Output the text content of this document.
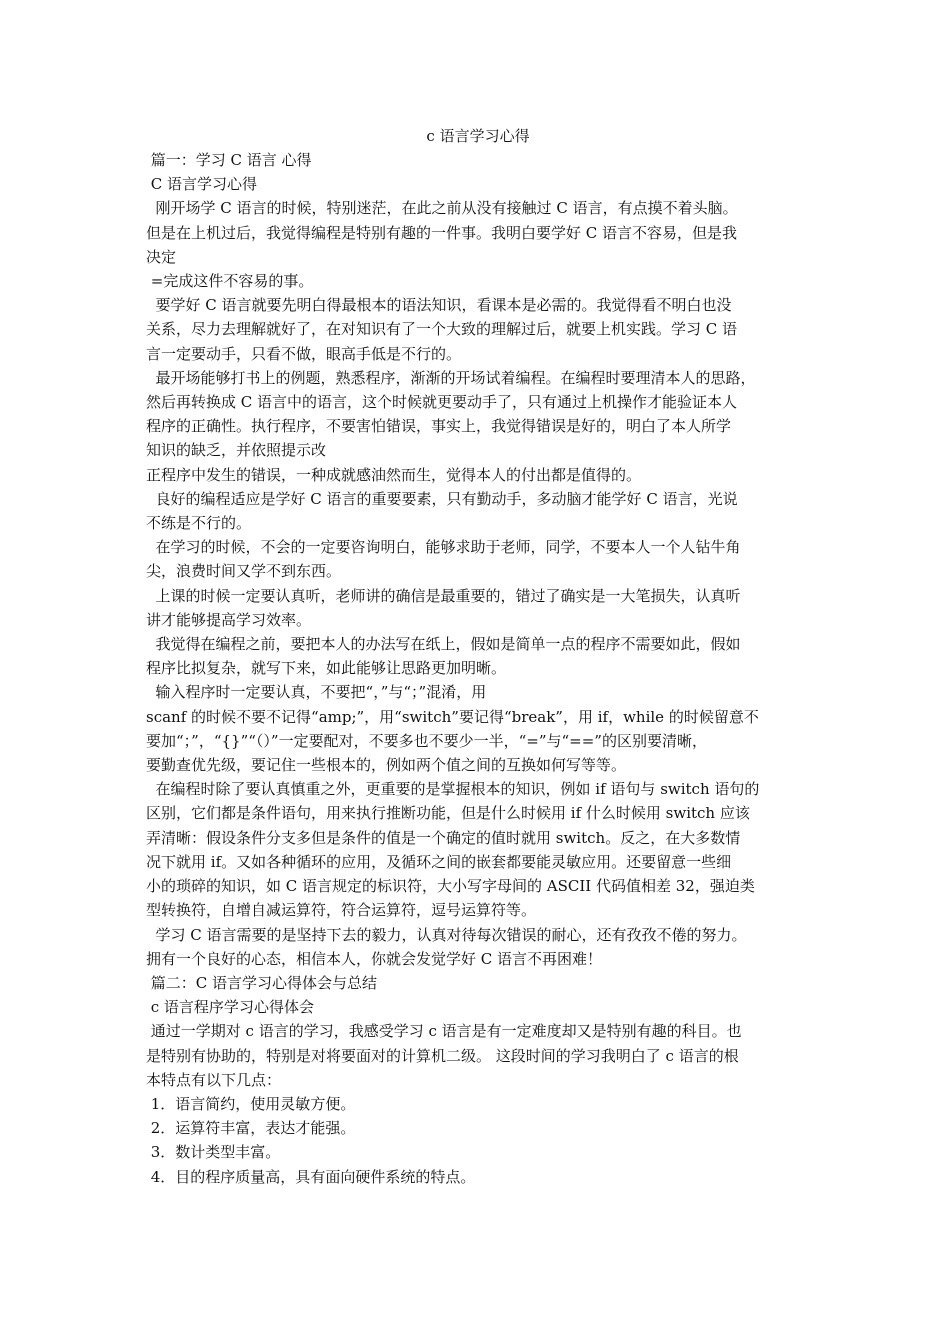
c 语言学习心得

篇一：学习 C 语言 心得

C 语言学习心得

刚开场学 C 语言的时候，特别迷茫，在此之前从没有接触过 C 语言，有点摸不着头脑。

但是在上机过后，我觉得编程是特别有趣的一件事。我明白要学好 C 语言不容易，但是我

决定

=完成这件不容易的事。

要学好 C 语言就要先明白得最根本的语法知识，看课本是必需的。我觉得看不明白也没

关系，尽力去理解就好了，在对知识有了一个大致的理解过后，就要上机实践。学习 C 语

言一定要动手，只看不做，眼高手低是不行的。

最开场能够打书上的例题，熟悉程序，渐渐的开场试着编程。在编程时要理清本人的思路，

然后再转换成 C 语言中的语言，这个时候就更要动手了，只有通过上机操作才能验证本人

程序的正确性。执行程序，不要害怕错误，事实上，我觉得错误是好的，明白了本人所学

知识的缺乏，并依照提示改

正程序中发生的错误，一种成就感油然而生，觉得本人的付出都是值得的。

良好的编程适应是学好 C 语言的重要要素，只有勤动手，多动脑才能学好 C 语言，光说

不练是不行的。

在学习的时候，不会的一定要咨询明白，能够求助于老师，同学，不要本人一个人钻牛角

尖，浪费时间又学不到东西。

上课的时候一定要认真听，老师讲的确信是最重要的，错过了确实是一大笔损失，认真听

讲才能够提高学习效率。

我觉得在编程之前，要把本人的办法写在纸上，假如是简单一点的程序不需要如此，假如

程序比拟复杂，就写下来，如此能够让思路更加明晰。

输入程序时一定要认真，不要把“，”与“；”混淆，用

scanf 的时候不要不记得“amp;”，用“switch”要记得“break”，用 if，while 的时候留意不

要加“；”，“{}”“（）”一定要配对，不要多也不要少一半，“=”与“==”的区别要清晰，

要勤查优先级，要记住一些根本的，例如两个值之间的互换如何写等等。

在编程时除了要认真慎重之外，更重要的是掌握根本的知识，例如 if 语句与 switch 语句的

区别，它们都是条件语句，用来执行推断功能，但是什么时候用 if 什么时候用 switch 应该

弄清晰：假设条件分支多但是条件的值是一个确定的值时就用 switch。反之，在大多数情

况下就用 if。又如各种循环的应用，及循环之间的嵌套都要能灵敏应用。还要留意一些细

小的琐碎的知识，如 C 语言规定的标识符，大小写字母间的 ASCII 代码值相差 32，强迫类

型转换符，自增自减运算符，符合运算符，逗号运算符等。

学习 C 语言需要的是坚持下去的毅力，认真对待每次错误的耐心，还有孜孜不倦的努力。

拥有一个良好的心态，相信本人，你就会发觉学好 C 语言不再困难！

篇二：C 语言学习心得体会与总结

c 语言程序学习心得体会

通过一学期对 c 语言的学习，我感受学习 c 语言是有一定难度却又是特别有趣的科目。也

是特别有协助的，特别是对将要面对的计算机二级。 这段时间的学习我明白了 c 语言的根

本特点有以下几点：

1．语言简约，使用灵敏方便。

2．运算符丰富，表达才能强。

3．数计类型丰富。

4．目的程序质量高，具有面向硬件系统的特点。
